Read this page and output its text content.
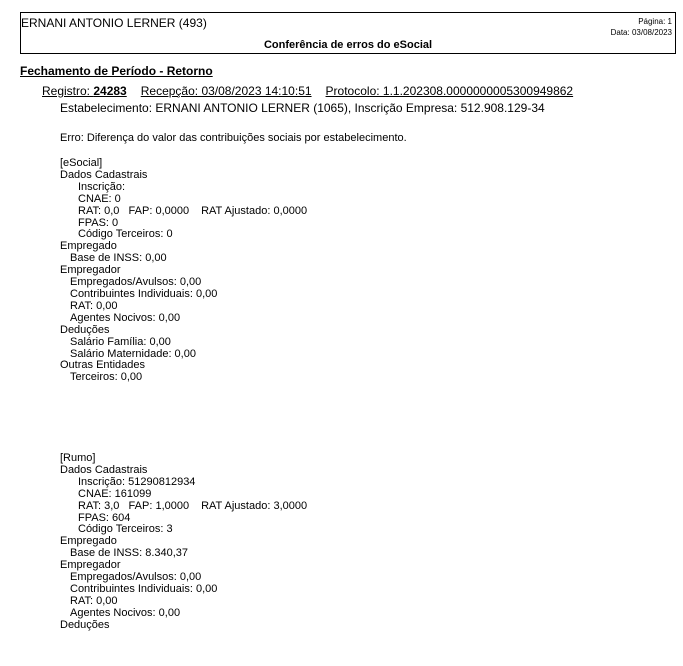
ERNANI ANTONIO LERNER (493)
Conferência de erros do eSocial
Página: 1
Data: 03/08/2023
Fechamento de Período - Retorno
Registro: 24283 Recepção: 03/08/2023 14:10:51 Protocolo: 1.1.202308.0000000005300949862
Estabelecimento: ERNANI ANTONIO LERNER (1065), Inscrição Empresa: 512.908.129-34
Erro: Diferença do valor das contribuições sociais por estabelecimento.
[eSocial]
Dados Cadastrais
Inscrição:
CNAE: 0
RAT: 0,0 FAP: 0,0000 RAT Ajustado: 0,0000
FPAS: 0
Código Terceiros: 0
Empregado
Base de INSS: 0,00
Empregador
Empregados/Avulsos: 0,00
Contribuintes Individuais: 0,00
RAT: 0,00
Agentes Nocivos: 0,00
Deduções
Salário Família: 0,00
Salário Maternidade: 0,00
Outras Entidades
Terceiros: 0,00
[Rumo]
Dados Cadastrais
Inscrição: 51290812934
CNAE: 161099
RAT: 3,0 FAP: 1,0000 RAT Ajustado: 3,0000
FPAS: 604
Código Terceiros: 3
Empregado
Base de INSS: 8.340,37
Empregador
Empregados/Avulsos: 0,00
Contribuintes Individuais: 0,00
RAT: 0,00
Agentes Nocivos: 0,00
Deduções
